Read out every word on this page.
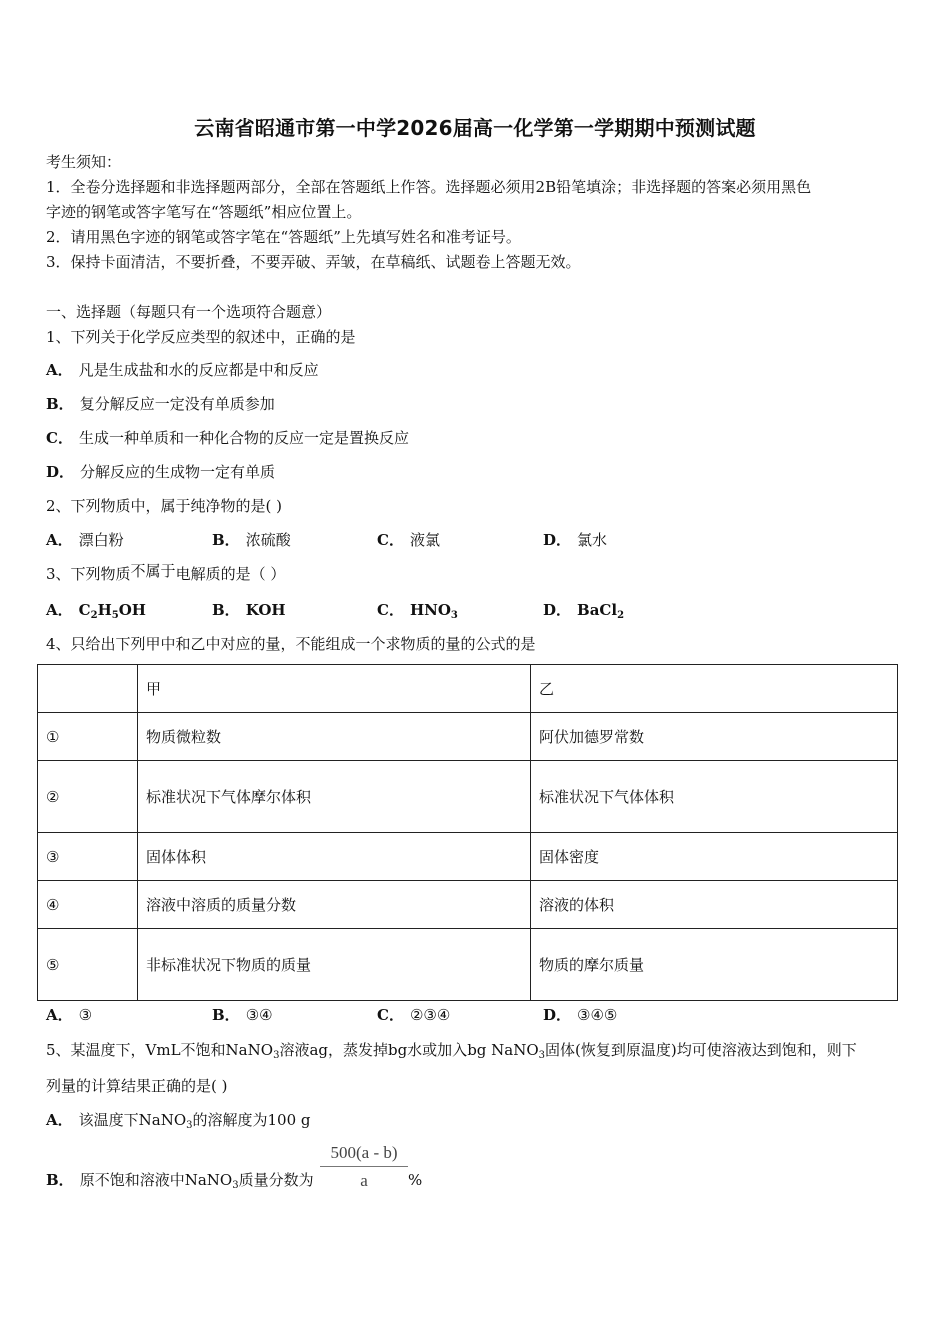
云南省昭通市第一中学2026届高一化学第一学期期中预测试题
考生须知：
1．全卷分选择题和非选择题两部分，全部在答题纸上作答。选择题必须用2B铅笔填涂；非选择题的答案必须用黑色
字迹的钢笔或答字笔写在“答题纸”相应位置上。
2．请用黑色字迹的钢笔或答字笔在“答题纸”上先填写姓名和准考证号。
3．保持卡面清洁，不要折叠，不要弄破、弄皱，在草稿纸、试题卷上答题无效。
一、选择题（每题只有一个选项符合题意）
1、下列关于化学反应类型的叙述中，正确的是
A． 凡是生成盐和水的反应都是中和反应
B． 复分解反应一定没有单质参加
C． 生成一种单质和一种化合物的反应一定是置换反应
D． 分解反应的生成物一定有单质
2、下列物质中，属于纯净物的是( )
A． 漂白粉	B． 浓硫酸	C． 液氯	D． 氯水
3、下列物质不属于电解质的是（ ）
A． $C_2H_5OH$	B． KOH	C． $HNO_3$	D． BaCl$_2$
4、只给出下列甲中和乙中对应的量，不能组成一个求物质的量的公式的是
	甲	乙
①	物质微粒数	阿伏加德罗常数
②	标准状况下气体摩尔体积	标准状况下气体体积
③	固体体积	固体密度
④	溶液中溶质的质量分数	溶液的体积
⑤	非标准状况下物质的质量	物质的摩尔质量
A． ③	B． ③④	C． ②③④	D． ③④⑤
5、某温度下，VmL不饱和NaNO$_3$溶液ag，蒸发掉bg水或加入bg NaNO$_3$固体(恢复到原温度)均可使溶液达到饱和，则下
列量的计算结果正确的是( )
A． 该温度下NaNO$_3$的溶解度为100 g
B． 原不饱和溶液中NaNO$_3$质量分数为 $\frac{500(a - b)}{a}$ %
